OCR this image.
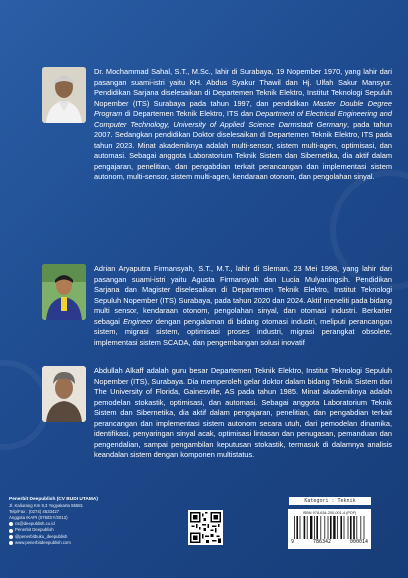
Dr. Mochammad Sahal, S.T., M.Sc., lahir di Surabaya, 19 Nopember 1970, yang lahir dari pasangan suami-istri yaitu KH. Abdus Syakur Thawil dan Hj. Ulfah Sakur Mansyur. Pendidikan Sarjana diselesaikan di Departemen Teknik Elektro, Institut Teknologi Sepuluh Nopember (ITS) Surabaya pada tahun 1997, dan pendidikan Master Double Degree Program di Departemen Teknik Elektro, ITS dan Department of Electrical Engineering and Computer Technology, University of Applied Science Darmstadt Germany, pada tahun 2007. Sedangkan pendidikan Doktor diselesaikan di Departemen Teknik Elektro, ITS pada tahun 2023. Minat akademiknya adalah multi-sensor, sistem multi-agen, optimisasi, dan automasi. Sebagai anggota Laboratorium Teknik Sistem dan Sibernetika, dia aktif dalam pengajaran, penelitian, dan pengabdian terkait perancangan dan implementasi sistem autonom, multi-sensor, sistem multi-agen, kendaraan otonom, dan pengolahan sinyal.

Adrian Aryaputra Firmansyah, S.T., M.T., lahir di Sleman, 23 Mei 1998, yang lahir dari pasangan suami-istri yaitu Agusta Firmansyah dan Lucia Mulyaningsih. Pendidikan Sarjana dan Magister diselesaikan di Departemen Teknik Elektro, Institut Teknologi Sepuluh Nopember (ITS) Surabaya, pada tahun 2020 dan 2024. Aktif meneliti pada bidang multi sensor, kendaraan otonom, pengolahan sinyal, dan otomasi industri. Berkarier sebagai Engineer dengan pengalaman di bidang otomasi industri, meliputi perancangan sistem, migrasi sistem, optimisasi proses industri, migrasi perangkat obsolete, implementasi sistem SCADA, dan pengembangan solusi inovatif

Abdullah Alkaff adalah guru besar Departemen Teknik Elektro, Institut Teknologi Sepuluh Nopember (ITS), Surabaya. Dia memperoleh gelar doktor dalam bidang Teknik Sistem dari The University of Florida, Gainesville, AS pada tahun 1985. Minat akademiknya adalah pemodelan stokastik, optimisasi, dan automasi. Sebagai anggota Laboratorium Teknik Sistem dan Sibernetika, dia aktif dalam pengajaran, penelitian, dan pengabdian terkait perancangan dan implementasi sistem autonom secara utuh, dari pemodelan dinamika, identifikasi, penyaringan sinyal acak, optimisasi lintasan dan penugasan, pemanduan dan pengendalian, sampai pengambilan keputusan stokastik, termasuk di dalamnya analisis keandalan sistem dengan komponen multistatus.

Penerbit Deepublish (CV BUDI UTAMA)
Jl. Kaliurang Km 9,3 Yogyakarta 55581
Telp/Fax : (0274) 4533427
Anggota IKAPI (076/DIY/2012)
cs@deepublish.co.id
Penerbit Deepublish
@penerbitbuku_deepublish
www.penerbitdeepublish.com
Kategori : Teknik
ISBN 978-634-200-001-4 (PDF)
9	786342	000014
